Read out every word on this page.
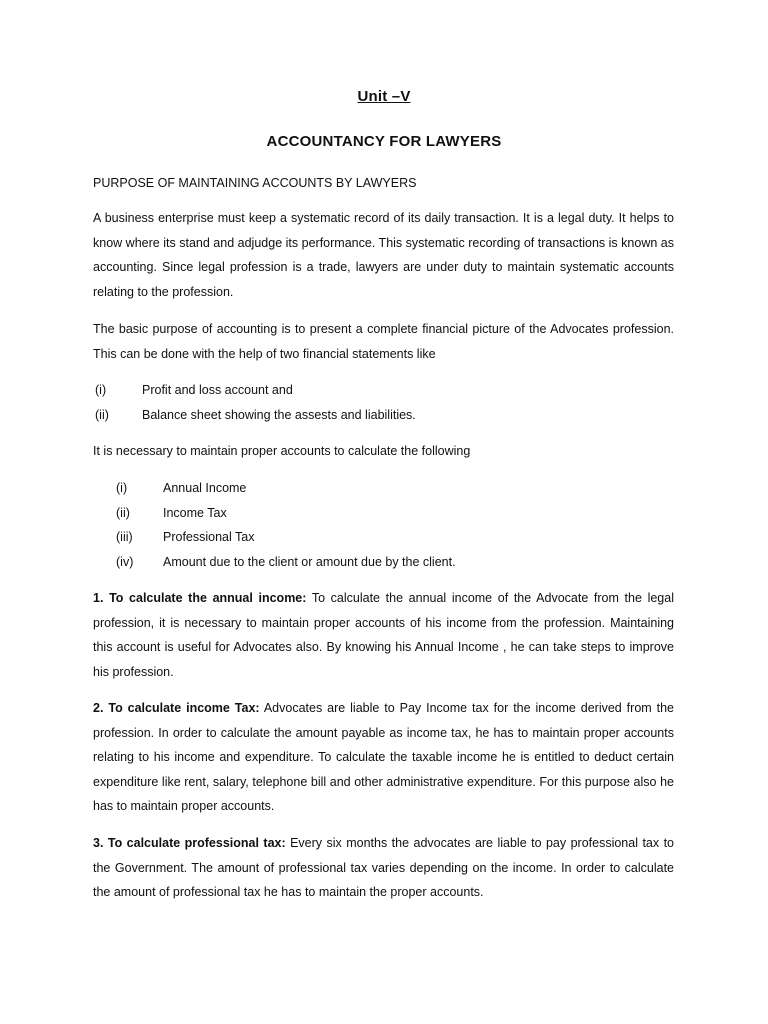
Unit –V
ACCOUNTANCY FOR LAWYERS
PURPOSE OF MAINTAINING ACCOUNTS BY LAWYERS

A business enterprise must keep a systematic record of its daily transaction. It is a legal duty. It helps to know where its stand and adjudge its performance. This systematic recording of transactions is known as accounting. Since legal profession is a trade, lawyers are under duty to maintain systematic accounts relating to the profession.

The basic purpose of accounting is to present a complete financial picture of the Advocates profession. This can be done with the help of two financial statements like

(i)	Profit and loss account and
(ii)	Balance sheet showing the assests and liabilities.

It is necessary to maintain proper accounts to calculate the following

(i)	Annual Income
(ii)	Income Tax
(iii) Professional Tax
(iv) Amount due to the client or amount due by the client.

1. To calculate the annual income: To calculate the annual income of the Advocate from the legal profession, it is necessary to maintain proper accounts of his income from the profession. Maintaining this account is useful for Advocates also. By knowing his Annual Income , he can take steps to improve his profession.

2. To calculate income Tax: Advocates are liable to Pay Income tax for the income derived from the profession. In order to calculate the amount payable as income tax, he has to maintain proper accounts relating to his income and expenditure. To calculate the taxable income he is entitled to deduct certain expenditure like rent, salary, telephone bill and other administrative expenditure. For this purpose also he has to maintain proper accounts.

3. To calculate professional tax: Every six months the advocates are liable to pay professional tax to the Government. The amount of professional tax varies depending on the income. In order to calculate the amount of professional tax he has to maintain the proper accounts.
